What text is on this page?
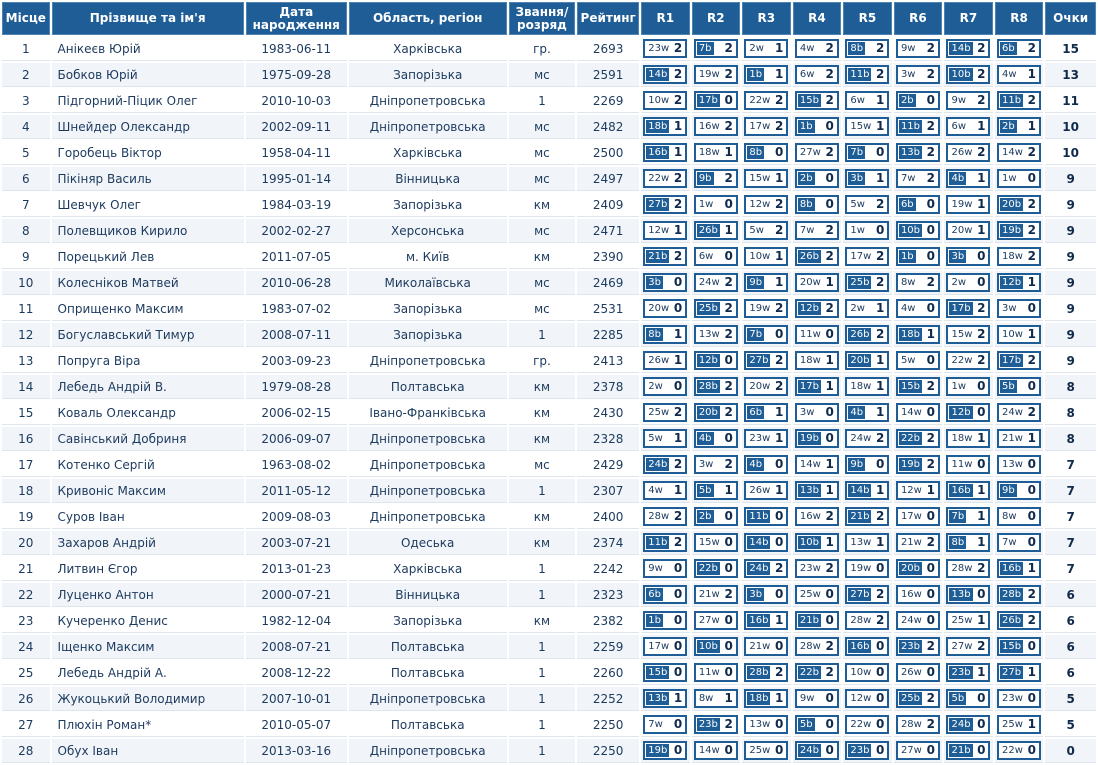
Місце	Прізвище та ім'я	Дата народження	Область, регіон	Звання/ розряд	Рейтинг	R1	R2	R3	R4	R5	R6	R7	R8	Очки
1	Анікеєв Юрій	1983-06-11	Харківська	гр.	2693	23w 2	7b 2	2w 1	4w 2	8b 2	9w 2	14b 2	6b 2	15
2	Бобков Юрій	1975-09-28	Запорізька	мс	2591	14b 2	19w 2	1b 1	6w 2	11b 2	3w 2	10b 2	4w 1	13
3	Підгорний-Піцик Олег	2010-10-03	Дніпропетровська	1	2269	10w 2	17b 0	22w 2	15b 2	6w 1	2b 0	9w 2	11b 2	11
4	Шнейдер Олександр	2002-09-11	Дніпропетровська	мс	2482	18b 1	16w 2	17w 2	1b 0	15w 1	11b 2	6w 1	2b 1	10
5	Горобець Віктор	1958-04-11	Харківська	мс	2500	16b 1	18w 1	8b 0	27w 2	7b 0	13b 2	26w 2	14w 2	10
6	Пікіняр Василь	1995-01-14	Вінницька	мс	2497	22w 2	9b 2	15w 1	2b 0	3b 1	7w 2	4b 1	1w 0	9
7	Шевчук Олег	1984-03-19	Запорізька	км	2409	27b 2	1w 0	12w 2	8b 0	5w 2	6b 0	19w 1	20b 2	9
8	Полевщиков Кирило	2002-02-27	Херсонська	мс	2471	12w 1	26b 1	5w 2	7w 2	1w 0	10b 0	20w 1	19b 2	9
9	Порецький Лев	2011-07-05	м. Київ	км	2390	21b 2	6w 0	10w 1	26b 2	17w 2	1b 0	3b 0	18w 2	9
10	Колесніков Матвей	2010-06-28	Миколаївська	мс	2469	3b 0	24w 2	9b 1	20w 1	25b 2	8w 2	2w 0	12b 1	9
11	Оприщенко Максим	1983-07-02	Запорізька	мс	2531	20w 0	25b 2	19w 2	12b 2	2w 1	4w 0	17b 2	3w 0	9
12	Богуславський Тимур	2008-07-11	Запорізька	1	2285	8b 1	13w 2	7b 0	11w 0	26b 2	18b 1	15w 2	10w 1	9
13	Попруга Віра	2003-09-23	Дніпропетровська	гр.	2413	26w 1	12b 0	27b 2	18w 1	20b 1	5w 0	22w 2	17b 2	9
14	Лебедь Андрій В.	1979-08-28	Полтавська	км	2378	2w 0	28b 2	20w 2	17b 1	18w 1	15b 2	1w 0	5b 0	8
15	Коваль Олександр	2006-02-15	Івано-Франківська	км	2430	25w 2	20b 2	6b 1	3w 0	4b 1	14w 0	12b 0	24w 2	8
16	Савінський Добриня	2006-09-07	Дніпропетровська	км	2328	5w 1	4b 0	23w 1	19b 0	24w 2	22b 2	18w 1	21w 1	8
17	Котенко Сергій	1963-08-02	Дніпропетровська	мс	2429	24b 2	3w 2	4b 0	14w 1	9b 0	19b 2	11w 0	13w 0	7
18	Кривоніс Максим	2011-05-12	Дніпропетровська	1	2307	4w 1	5b 1	26w 1	13b 1	14b 1	12w 1	16b 1	9b 0	7
19	Суров Іван	2009-08-03	Дніпропетровська	км	2400	28w 2	2b 0	11b 0	16w 2	21b 2	17w 0	7b 1	8w 0	7
20	Захаров Андрій	2003-07-21	Одеська	км	2374	11b 2	15w 0	14b 0	10b 1	13w 1	21w 2	8b 1	7w 0	7
21	Литвин Єгор	2013-01-23	Харківська	1	2242	9w 0	22b 0	24b 2	23w 2	19w 0	20b 0	28w 2	16b 1	7
22	Луценко Антон	2000-07-21	Вінницька	1	2323	6b 0	21w 2	3b 0	25w 0	27b 2	16w 0	13b 0	28b 2	6
23	Кучеренко Денис	1982-12-04	Запорізька	км	2382	1b 0	27w 0	16b 1	21b 0	28w 2	24w 0	25w 1	26b 2	6
24	Іщенко Максим	2008-07-21	Полтавська	1	2259	17w 0	10b 0	21w 0	28w 2	16b 0	23b 2	27w 2	15b 0	6
25	Лебедь Андрій А.	2008-12-22	Полтавська	1	2260	15b 0	11w 0	28b 2	22b 2	10w 0	26w 0	23b 1	27b 1	6
26	Жукоцький Володимир	2007-10-01	Дніпропетровська	1	2252	13b 1	8w 1	18b 1	9w 0	12w 0	25b 2	5b 0	23w 0	5
27	Плюхін Роман*	2010-05-07	Полтавська	1	2250	7w 0	23b 2	13w 0	5b 0	22w 0	28w 2	24b 0	25w 1	5
28	Обух Іван	2013-03-16	Дніпропетровська	1	2250	19b 0	14w 0	25w 0	24b 0	23b 0	27w 0	21b 0	22w 0	0
